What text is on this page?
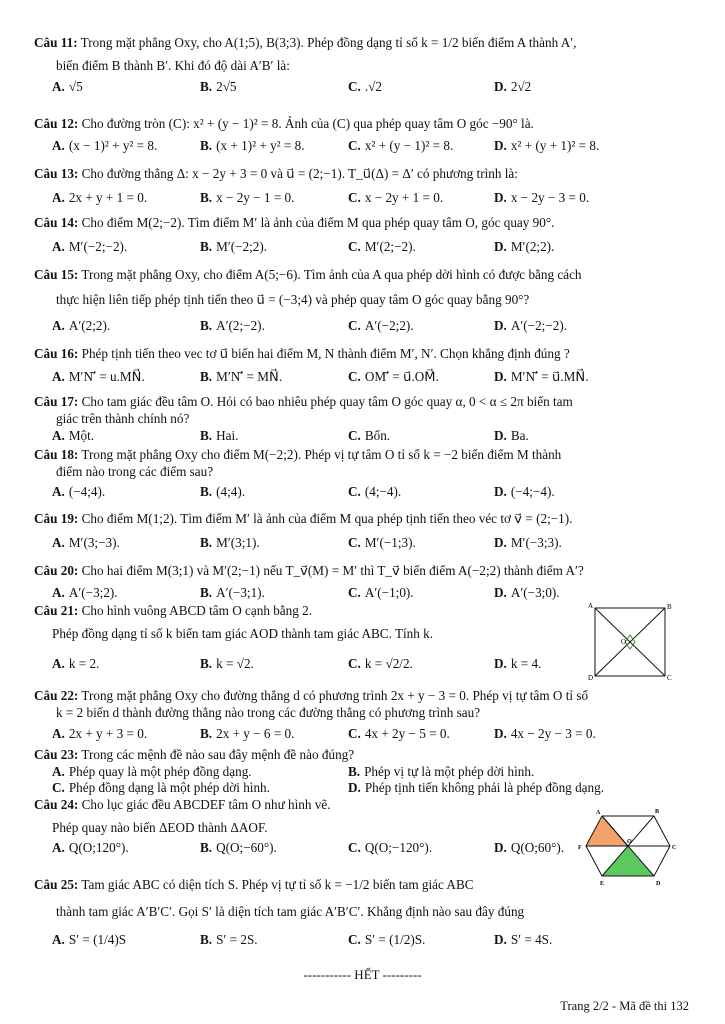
Câu 11: Trong mặt phẳng Oxy, cho A(1;5), B(3;3). Phép đồng dạng tỉ số k = 1/2 biến điểm A thành A′,
biến điểm B thành B′. Khi đó độ dài A′B′ là:
A. √5	B. 2√5	C. .√2	D. 2√2
Câu 12: Cho đường tròn (C): x² + (y − 1)² = 8. Ảnh của (C) qua phép quay tâm O góc −90° là.
A. (x − 1)² + y² = 8.	B. (x + 1)² + y² = 8.	C. x² + (y − 1)² = 8.	D. x² + (y + 1)² = 8.
Câu 13: Cho đường thẳng Δ: x − 2y + 3 = 0 và u⃗ = (2;−1). T_u⃗(Δ) = Δ′ có phương trình là:
A. 2x + y + 1 = 0.	B. x − 2y − 1 = 0.	C. x − 2y + 1 = 0.	D. x − 2y − 3 = 0.
Câu 14: Cho điểm M(2;−2). Tìm điểm M′ là ảnh của điểm M qua phép quay tâm O, góc quay 90°.
A. M′(−2;−2).	B. M′(−2;2).	C. M′(2;−2).	D. M′(2;2).
Câu 15: Trong mặt phẳng Oxy, cho điểm A(5;−6). Tìm ảnh của A qua phép dời hình có được bằng cách
thực hiện liên tiếp phép tịnh tiến theo u⃗ = (−3;4) và phép quay tâm O góc quay bằng 90°?
A. A′(2;2).	B. A′(2;−2).	C. A′(−2;2).	D. A′(−2;−2).
Câu 16: Phép tịnh tiến theo vec tơ u⃗ biến hai điểm M, N thành điểm M′, N′. Chọn khẳng định đúng ?
A. M′N′⃗ = u.MN⃗.	B. M′N′⃗ = MN⃗.	C. OM′⃗ = u⃗.OM⃗.	D. M′N′⃗ = u⃗.MN⃗.
Câu 17: Cho tam giác đều tâm O. Hỏi có bao nhiêu phép quay tâm O góc quay α, 0 < α ≤ 2π biến tam
giác trên thành chính nó?
A. Một.	B. Hai.	C. Bốn.	D. Ba.
Câu 18: Trong mặt phẳng Oxy cho điểm M(−2;2). Phép vị tự tâm O tỉ số k = −2 biến điểm M thành
điểm nào trong các điểm sau?
A. (−4;4).	B. (4;4).	C. (4;−4).	D. (−4;−4).
Câu 19: Cho điểm M(1;2). Tìm điểm M′ là ảnh của điểm M qua phép tịnh tiến theo véc tơ v⃗ = (2;−1).
A. M′(3;−3).	B. M′(3;1).	C. M′(−1;3).	D. M′(−3;3).
Câu 20: Cho hai điểm M(3;1) và M′(2;−1) nếu T_v⃗(M) = M′ thì T_v⃗ biến điểm A(−2;2) thành điểm A′?
A. A′(−3;2).	B. A′(−3;1).	C. A′(−1;0).	D. A′(−3;0).
Câu 21: Cho hình vuông ABCD tâm O cạnh bằng 2.
Phép đồng dạng tỉ số k biến tam giác AOD thành tam giác ABC. Tính k.
A. k = 2.	B. k = √2.	C. k = √2/2.	D. k = 4.
A	B
C
D
O
Câu 22: Trong mặt phẳng Oxy cho đường thẳng d có phương trình 2x + y − 3 = 0. Phép vị tự tâm O tỉ số
k = 2 biến d thành đường thẳng nào trong các đường thẳng có phương trình sau?
A. 2x + y + 3 = 0.	B. 2x + y − 6 = 0.	C. 4x + 2y − 5 = 0.	D. 4x − 2y − 3 = 0.
Câu 23: Trong các mệnh đề nào sau đây mệnh đề nào đúng?
A. Phép quay là một phép đồng dạng.	B. Phép vị tự là một phép dời hình.
C. Phép đồng dạng là một phép dời hình.	D. Phép tịnh tiến không phải là phép đồng dạng.
Câu 24: Cho lục giác đều ABCDEF tâm O như hình vẽ.
Phép quay nào biến ΔEOD thành ΔAOF.
A. Q(O;120°).	B. Q(O;−60°).	C. Q(O;−120°).	D. Q(O;60°).
A	B
C
D
E
F
O
Câu 25: Tam giác ABC có diện tích S. Phép vị tự tỉ số k = −1/2 biến tam giác ABC
thành tam giác A′B′C′. Gọi S′ là diện tích tam giác A′B′C′. Khẳng định nào sau đây đúng
A. S′ = (1/4)S	B. S′ = 2S.	C. S′ = (1/2)S.	D. S′ = 4S.
----------- HẾT ---------
Trang 2/2 - Mã đề thi 132
